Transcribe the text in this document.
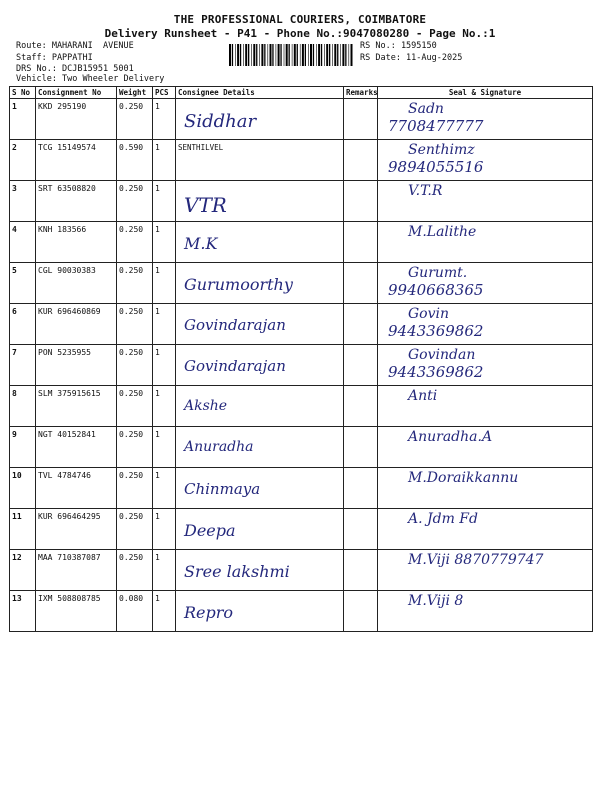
THE PROFESSIONAL COURIERS, COIMBATORE
Delivery Runsheet - P41 - Phone No.:9047080280 - Page No.:1
Route: MAHARANI  AVENUE
Staff: PAPPATHI
DRS No.: DCJB15951 5001
Vehicle: Two Wheeler Delivery
RS No.: 1595150
RS Date: 11-Aug-2025
S No	Consignment No	Weight	PCS	Consignee Details	Remarks	Seal & Signature
1	KKD 295190	0.250	1	Siddhar		Sadn
7708477777

2	TCG 15149574	0.590	1	SENTHILVEL		Senthimz
9894055516

3	SRT 63508820	0.250	1	VTR		V.T.R

4	KNH 183566	0.250	1	M.K		M.Lalithe

5	CGL 90030383	0.250	1	Gurumoorthy		Gurumt.
9940668365

6	KUR 696460869	0.250	1	Govindarajan		Govin
9443369862

7	PON 5235955	0.250	1	Govindarajan		Govindan
9443369862

8	SLM 375915615	0.250	1	Akshe		Anti

9	NGT 40152841	0.250	1	Anuradha		Anuradha.A

10	TVL 4784746	0.250	1	Chinmaya		M.Doraikkannu

11	KUR 696464295	0.250	1	Deepa		A. Jdm Fd

12	MAA 710387087	0.250	1	Sree lakshmi		M.Viji 8870779747

13	IXM 508808785	0.080	1	Repro		M.Viji 8
